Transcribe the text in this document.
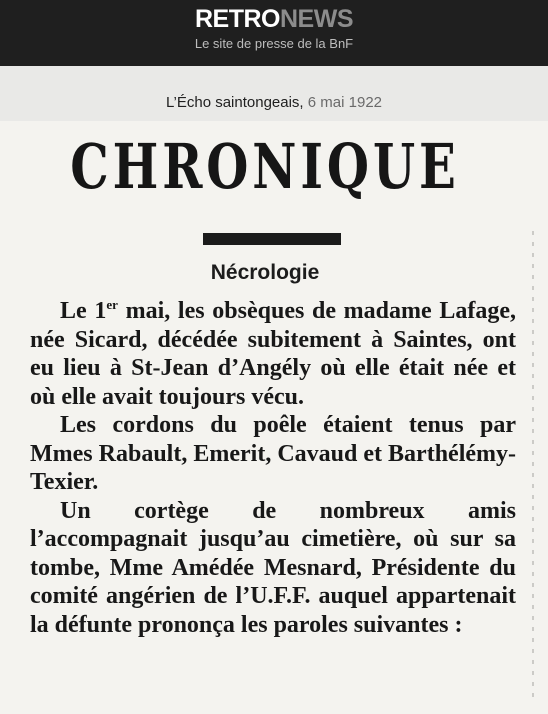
RETRONEWS
Le site de presse de la BnF
L’Écho saintongeais, 6 mai 1922
CHRONIQUE
Nécrologie

Le 1er mai, les obsèques de madame Lafage, née Sicard, décédée subitement à Saintes, ont eu lieu à St-Jean d’Angély où elle était née et où elle avait toujours vécu.

Les cordons du poêle étaient tenus par Mmes Rabault, Emerit, Cavaud et Barthélémy-Texier.

Un cortège de nombreux amis l’accompagnait jusqu’au cimetière, où sur sa tombe, Mme Amédée Mesnard, Présidente du comité angérien de l’U.F.F. auquel appartenait la défunte prononça les paroles suivantes :
